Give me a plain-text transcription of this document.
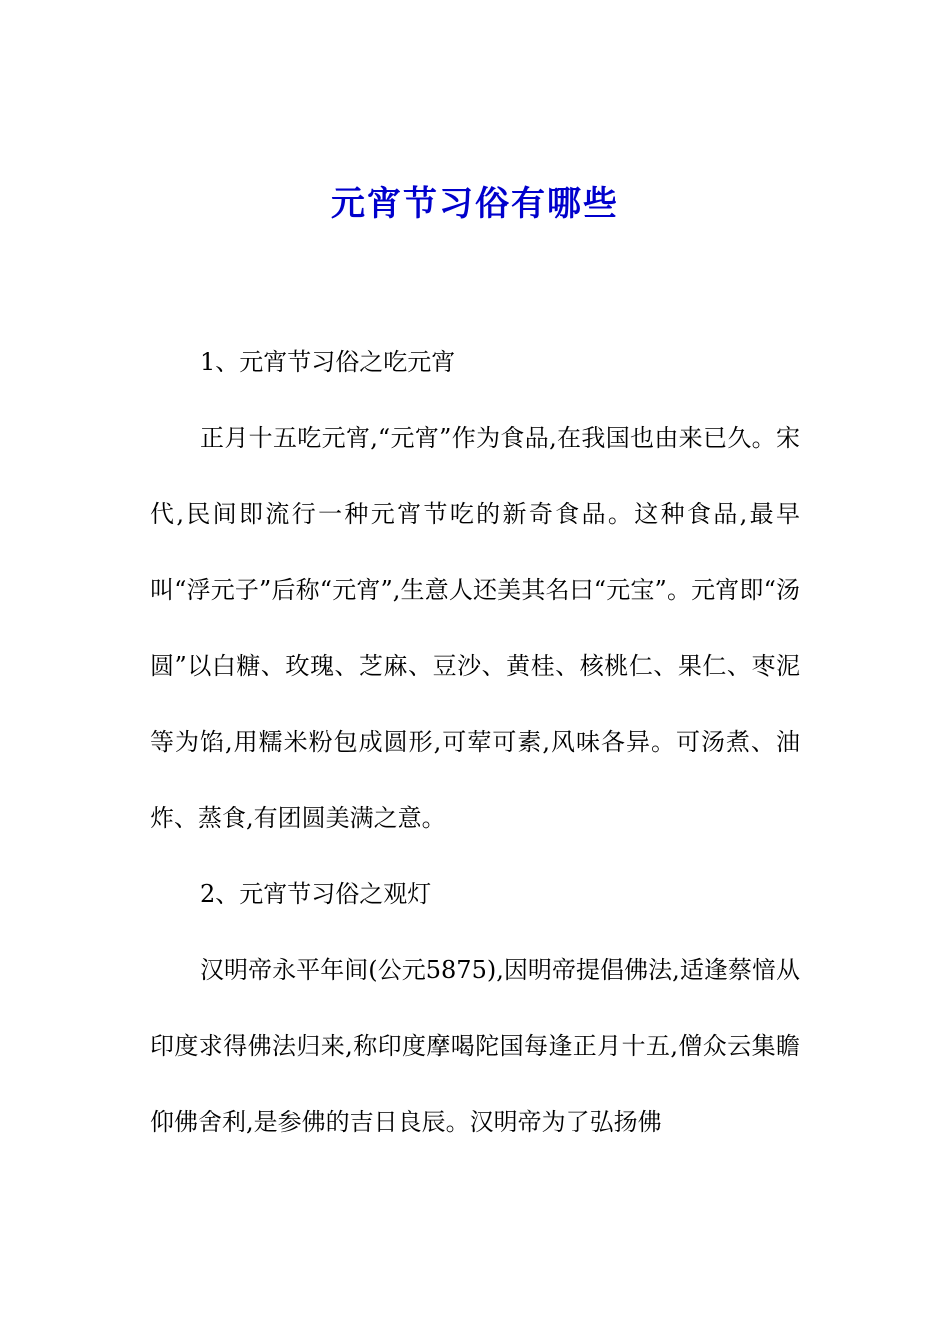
元宵节习俗有哪些

1、元宵节习俗之吃元宵

正月十五吃元宵,“元宵”作为食品,在我国也由来已久。宋代,民间即流行一种元宵节吃的新奇食品。这种食品,最早叫“浮元子”后称“元宵”,生意人还美其名曰“元宝”。元宵即“汤圆”以白糖、玫瑰、芝麻、豆沙、黄桂、核桃仁、果仁、枣泥等为馅,用糯米粉包成圆形,可荤可素,风味各异。可汤煮、油炸、蒸食,有团圆美满之意。

2、元宵节习俗之观灯

汉明帝永平年间(公元5875),因明帝提倡佛法,适逢蔡愔从印度求得佛法归来,称印度摩喝陀国每逢正月十五,僧众云集瞻仰佛舍利,是参佛的吉日良辰。汉明帝为了弘扬佛
